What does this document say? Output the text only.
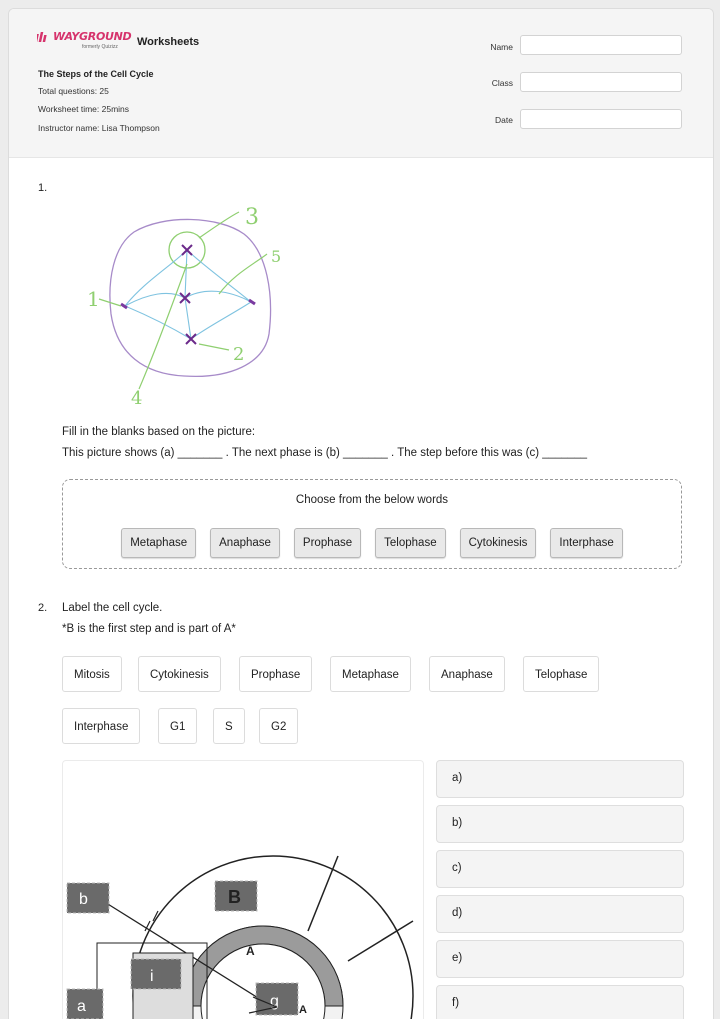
WAYGROUND
formerly Quizizz Worksheets
The Steps of the Cell Cycle
Total questions: 25
Worksheet time: 25mins
Instructor name: Lisa Thompson
Name
Class
Date
1.
3
5
1
2
4
Fill in the blanks based on the picture:
This picture shows (a) _______ . The next phase is (b) _______ . The step before this was (c) _______
Choose from the below words
Metaphase	Anaphase	Prophase	Telophase	Cytokinesis	Interphase
2. Label the cell cycle.
*B is the first step and is part of A*
Mitosis	Cytokinesis	Prophase	Metaphase	Anaphase	Telophase
Interphase	G1	S	G2
b	B
A
i
a	g A
a)
b)
c)
d)
e)
f)
